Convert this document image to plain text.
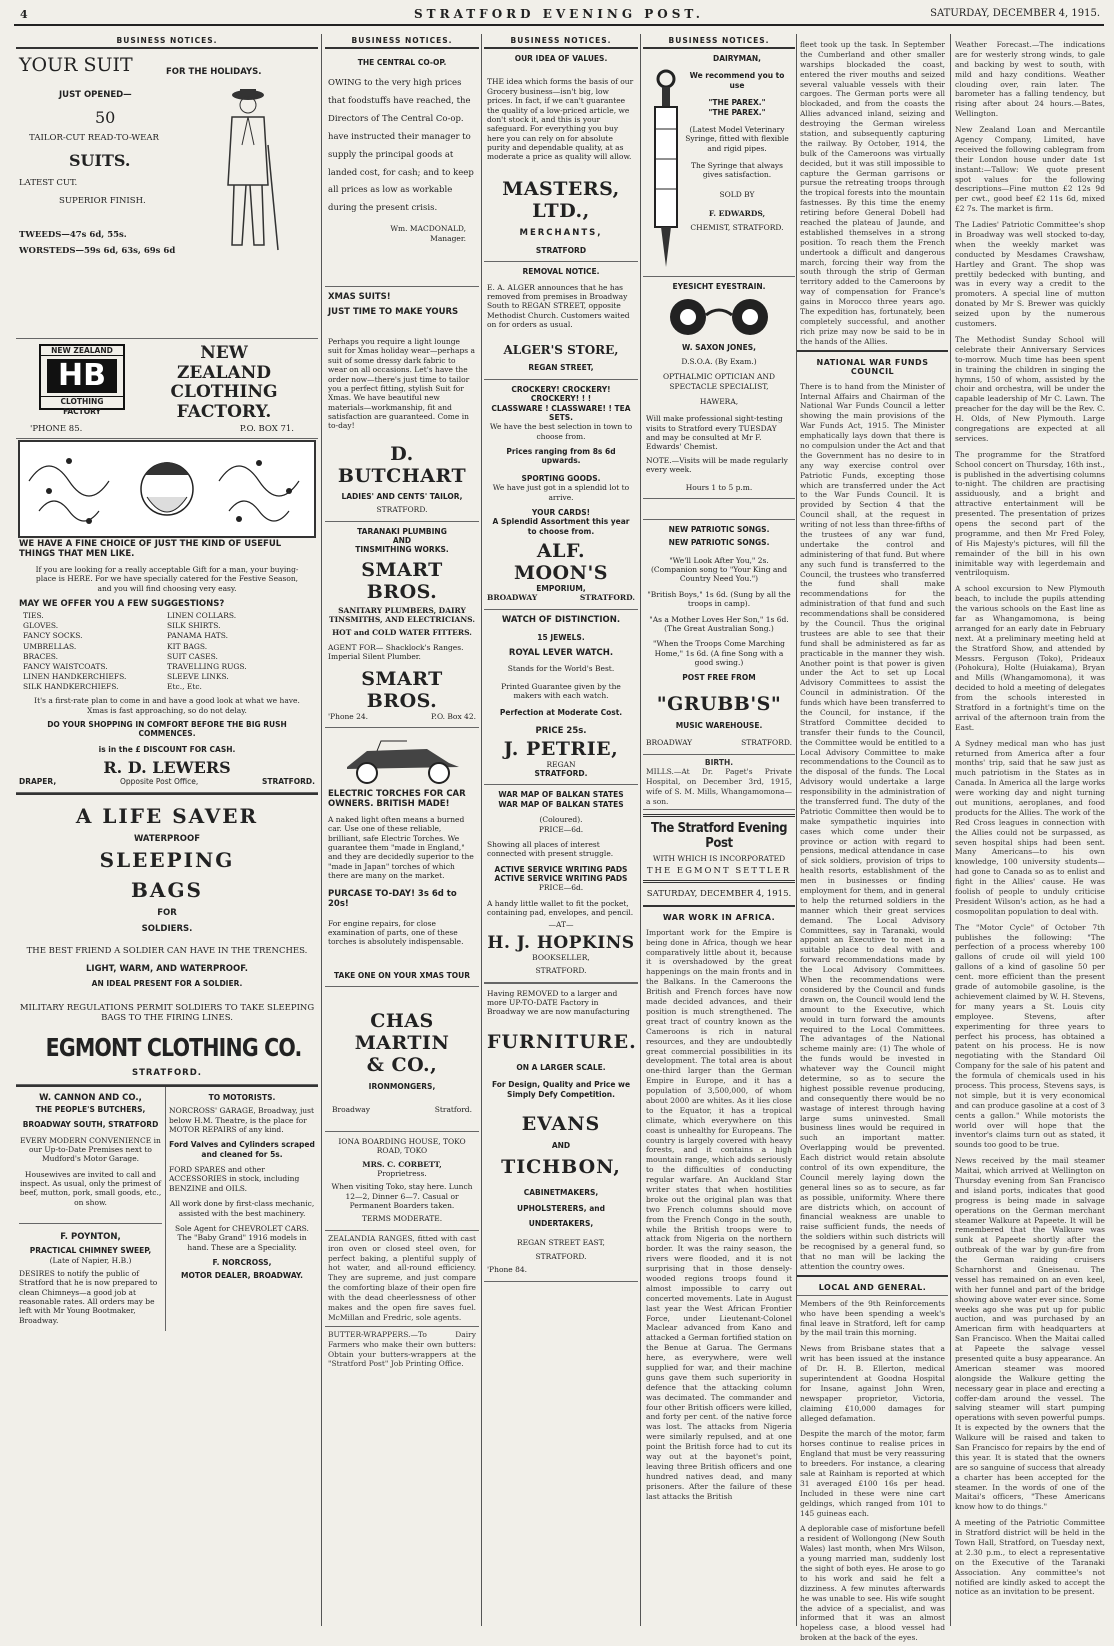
4	STRATFORD EVENING POST.	SATURDAY, DECEMBER 4, 1915.
BUSINESS NOTICES.
YOUR SUIT	FOR THE HOLIDAYS.
JUST OPENED—
50
TAILOR-CUT READ-TO-WEAR
SUITS.
LATEST CUT.
SUPERIOR FINISH.
TWEEDS—47s 6d, 55s.
WORSTEDS—59s 6d, 63s, 69s 6d
NEW ZEALAND
HB
CLOTHING FACTORY
NEW
ZEALAND
CLOTHING
FACTORY.
'PHONE 85.	P.O. BOX 71.
WE HAVE A FINE CHOICE OF JUST THE KIND OF USEFUL THINGS THAT MEN LIKE.
If you are looking for a really acceptable Gift for a man, your buying-place is HERE. For we have specially catered for the Festive Season, and you will find choosing very easy.
MAY WE OFFER YOU A FEW SUGGESTIONS?
TIES.
GLOVES.
FANCY SOCKS.
UMBRELLAS.
BRACES.
FANCY WAISTCOATS.
LINEN HANDKERCHIEFS.
SILK HANDKERCHIEFS.
LINEN COLLARS.
SILK SHIRTS.
PANAMA HATS.
KIT BAGS.
SUIT CASES.
TRAVELLING RUGS.
SLEEVE LINKS.
Etc., Etc.
It's a first-rate plan to come in and have a good look at what we have. Xmas is fast approaching, so do not delay.
DO YOUR SHOPPING IN COMFORT BEFORE THE BIG RUSH COMMENCES.
is in the £ DISCOUNT FOR CASH.
R. D. LEWERS
DRAPER,	Opposite Post Office,	STRATFORD.
A LIFE SAVER
WATERPROOF
SLEEPING
BAGS
FOR
SOLDIERS.
THE BEST FRIEND A SOLDIER CAN HAVE IN THE TRENCHES.
LIGHT, WARM, AND WATERPROOF.
AN IDEAL PRESENT FOR A SOLDIER.
MILITARY REGULATIONS PERMIT SOLDIERS TO TAKE SLEEPING BAGS TO THE FIRING LINES.
EGMONT CLOTHING CO.
STRATFORD.
W. CANNON AND CO.,
THE PEOPLE'S BUTCHERS,
BROADWAY SOUTH, STRATFORD
EVERY MODERN CONVENIENCE in our Up-to-Date Premises next to Mudford's Motor Garage.
Housewives are invited to call and inspect. As usual, only the primest of beef, mutton, pork, small goods, etc., on show.
F. POYNTON,
PRACTICAL CHIMNEY SWEEP,
(Late of Napier, H.B.)
DESIRES to notify the public of Stratford that he is now prepared to clean Chimneys—a good job at reasonable rates. All orders may be left with Mr Young Bootmaker, Broadway.
TO MOTORISTS.
NORCROSS' GARAGE, Broadway, just below H.M. Theatre, is the place for MOTOR REPAIRS of any kind.
Ford Valves and Cylinders scraped and cleaned for 5s.
FORD SPARES and other ACCESSORIES in stock, including BENZINE and OILS.
All work done by first-class mechanic, assisted with the best machinery.
Sole Agent for CHEVROLET CARS. The "Baby Grand" 1916 models in hand. These are a Speciality.
F. NORCROSS,
MOTOR DEALER, BROADWAY.
BUSINESS NOTICES.
THE CENTRAL CO-OP.
OWING to the very high prices that foodstuffs have reached, the Directors of The Central Co-op. have instructed their manager to supply the principal goods at landed cost, for cash; and to keep all prices as low as workable during the present crisis.
Wm. MACDONALD,
Manager.
XMAS SUITS!
JUST TIME TO MAKE YOURS
Perhaps you require a light lounge suit for Xmas holiday wear—perhaps a suit of some dressy dark fabric to wear on all occasions. Let's have the order now—there's just time to tailor you a perfect fitting, stylish Suit for Xmas. We have beautiful new materials—workmanship, fit and satisfaction are guaranteed. Come in to-day!
D. BUTCHART
LADIES' AND CENTS' TAILOR,
STRATFORD.
TARANAKI PLUMBING
AND
TINSMITHING WORKS.
SMART BROS.
SANITARY PLUMBERS, DAIRY TINSMITHS, AND ELECTRICIANS.
HOT and COLD WATER FITTERS.
AGENT FOR— Shacklock's Ranges. Imperial Silent Plumber.
SMART BROS.
'Phone 24.	P.O. Box 42.
ELECTRIC TORCHES FOR CAR OWNERS. BRITISH MADE!
A naked light often means a burned car. Use one of these reliable, brilliant, safe Electric Torches. We guarantee them "made in England," and they are decidedly superior to the "made in Japan" torches of which there are many on the market.
PURCASE TO-DAY! 3s 6d to 20s!
For engine repairs, for close examination of parts, one of these torches is absolutely indispensable.
TAKE ONE ON YOUR XMAS TOUR
CHAS MARTIN
& CO.,
IRONMONGERS,
Broadway	Stratford.
IONA BOARDING HOUSE, TOKO ROAD, TOKO
MRS. C. CORBETT,
Proprietress.
When visiting Toko, stay here. Lunch 12—2, Dinner 6—7. Casual or Permanent Boarders taken.
TERMS MODERATE.
ZEALANDIA RANGES, fitted with cast iron oven or closed steel oven, for perfect baking, a plentiful supply of hot water, and all-round efficiency. They are supreme, and just compare the comforting blaze of their open fire with the dead cheerlessness of other makes and the open fire saves fuel. McMillan and Fredric, sole agents.
BUTTER-WRAPPERS.—To Dairy Farmers who make their own butters: Obtain your butters-wrappers at the "Stratford Post" Job Printing Office.
BUSINESS NOTICES.
OUR IDEA OF VALUES.
THE idea which forms the basis of our Grocery business—isn't big, low prices. In fact, if we can't guarantee the quality of a low-priced article, we don't stock it, and this is your safeguard. For everything you buy here you can rely on for absolute purity and dependable quality, at as moderate a price as quality will allow.
MASTERS,
LTD.,
MERCHANTS,
STRATFORD
REMOVAL NOTICE.
E. A. ALGER announces that he has removed from premises in Broadway South to REGAN STREET, opposite Methodist Church. Customers waited on for orders as usual.
ALGER'S STORE,
REGAN STREET,
CROCKERY! CROCKERY! CROCKERY! ! !
CLASSWARE ! CLASSWARE! ! TEA SETS.
We have the best selection in town to choose from.
Prices ranging from 8s 6d upwards.
SPORTING GOODS.
We have just got in a splendid lot to arrive.
YOUR CARDS!
A Splendid Assortment this year to choose from.
ALF. MOON'S
EMPORIUM,
BROADWAY	STRATFORD.
WATCH OF DISTINCTION.
15 JEWELS.
ROYAL LEVER WATCH.
Stands for the World's Best.
Printed Guarantee given by the makers with each watch.
Perfection at Moderate Cost.
PRICE 25s.
J. PETRIE,
REGAN
STRATFORD.
WAR MAP OF BALKAN STATES
WAR MAP OF BALKAN STATES
(Coloured).
PRICE—6d.
Showing all places of interest connected with present struggle.
ACTIVE SERVICE WRITING PADS
ACTIVE SERVICE WRITING PADS
PRICE—6d.
A handy little wallet to fit the pocket, containing pad, envelopes, and pencil.
—AT—
H. J. HOPKINS
BOOKSELLER,
STRATFORD.
Having REMOVED to a larger and more UP-TO-DATE Factory in Broadway we are now manufacturing
FURNITURE.
ON A LARGER SCALE.
For Design, Quality and Price we Simply Defy Competition.
EVANS
AND
TICHBON,
CABINETMAKERS,
UPHOLSTERERS, and
UNDERTAKERS,
REGAN STREET EAST,
STRATFORD.
'Phone 84.
BUSINESS NOTICES.
DAIRYMAN,
We recommend you to use
"THE PAREX."
"THE PAREX."
(Latest Model Veterinary Syringe, fitted with flexible and rigid pipes.
The Syringe that always gives satisfaction.
SOLD BY
F. EDWARDS,
CHEMIST, STRATFORD.
EYESICHT EYESTRAIN.
W. SAXON JONES,
D.S.O.A. (By Exam.)
OPTHALMIC OPTICIAN AND SPECTACLE SPECIALIST,
HAWERA,
Will make professional sight-testing visits to Stratford every TUESDAY and may be consulted at Mr F. Edwards' Chemist.
NOTE.—Visits will be made regularly every week.
Hours 1 to 5 p.m.
NEW PATRIOTIC SONGS.
NEW PATRIOTIC SONGS.
"We'll Look After You," 2s. (Companion song to "Your King and Country Need You.")
"British Boys," 1s 6d. (Sung by all the troops in camp).
"As a Mother Loves Her Son," 1s 6d. (The Great Australian Song.)
"When the Troops Come Marching Home," 1s 6d. (A fine Song with a good swing.)
POST FREE FROM
"GRUBB'S"
MUSIC WAREHOUSE.
BROADWAY	STRATFORD.
BIRTH.
MILLS.—At Dr. Paget's Private Hospital, on December 3rd, 1915, wife of S. M. Mills, Whangamomona—a son.
The Stratford Evening Post
WITH WHICH IS INCORPORATED
THE EGMONT SETTLER
SATURDAY, DECEMBER 4, 1915.
WAR WORK IN AFRICA.
Important work for the Empire is being done in Africa, though we hear comparatively little about it, because it is overshadowed by the great happenings on the main fronts and in the Balkans. In the Cameroons the British and French forces have now made decided advances, and their position is much strengthened. The great tract of country known as the Cameroons is rich in natural resources, and they are undoubtedly great commercial possibilities in its development. The total area is about one-third larger than the German Empire in Europe, and it has a population of 3,500,000, of whom about 2000 are whites. As it lies close to the Equator, it has a tropical climate, which everywhere on this coast is unhealthy for Europeans. The country is largely covered with heavy forests, and it contains a high mountain range, which adds seriously to the difficulties of conducting regular warfare. An Auckland Star writer states that when hostilities broke out the original plan was that two French columns should move from the French Congo in the south, while the British troops were to attack from Nigeria on the northern border. It was the rainy season, the rivers were flooded, and it is not surprising that in those densely-wooded regions troops found it almost impossible to carry out concerted movements. Late in August last year the West African Frontier Force, under Lieutenant-Colonel Maclear advanced from Kano and attacked a German fortified station on the Benue at Garua. The Germans here, as everywhere, were well supplied for war, and their machine guns gave them such superiority in defence that the attacking column was decimated. The commander and four other British officers were killed, and forty per cent. of the native force was lost. The attacks from Nigeria were similarly repulsed, and at one point the British force had to cut its way out at the bayonet's point, leaving three British officers and one hundred natives dead, and many prisoners. After the failure of these last attacks the British
fleet took up the task. In September the Cumberland and other smaller warships blockaded the coast, entered the river mouths and seized several valuable vessels with their cargoes. The German ports were all blockaded, and from the coasts the Allies advanced inland, seizing and destroying the German wireless station, and subsequently capturing the railway. By October, 1914, the bulk of the Cameroons was virtually decided, but it was still impossible to capture the German garrisons or pursue the retreating troops through the tropical forests into the mountain fastnesses. By this time the enemy retiring before General Dobell had reached the plateau of Jaunde, and established themselves in a strong position. To reach them the French undertook a difficult and dangerous march, forcing their way from the south through the strip of German territory added to the Cameroons by way of compensation for France's gains in Morocco three years ago. The expedition has, fortunately, been completely successful, and another rich prize may now be said to be in the hands of the Allies.
NATIONAL WAR FUNDS COUNCIL
There is to hand from the Minister of Internal Affairs and Chairman of the National War Funds Council a letter showing the main provisions of the War Funds Act, 1915. The Minister emphatically lays down that there is no compulsion under the Act and that the Government has no desire to in any way exercise control over Patriotic Funds, excepting those which are transferred under the Act to the War Funds Council. It is provided by Section 4 that the Council shall, at the request in writing of not less than three-fifths of the trustees of any war fund, undertake the control and administering of that fund. But where any such fund is transferred to the Council, the trustees who transferred the fund shall make recommendations for the administration of that fund and such recommendations shall be considered by the Council. Thus the original trustees are able to see that their fund shall be administered as far as practicable in the manner they wish. Another point is that power is given under the Act to set up Local Advisory Committees to assist the Council in administration. Of the funds which have been transferred to the Council, for instance, if the Stratford Committee decided to transfer their funds to the Council, the Committee would be entitled to a Local Advisory Committee to make recommendations to the Council as to the disposal of the funds. The Local Advisory would undertake a large responsibility in the administration of the transferred fund. The duty of the Patriotic Committee then would be to make sympathetic inquiries into cases which come under their province or action with regard to pensions, medical attendance in case of sick soldiers, provision of trips to health resorts, establishment of the men in businesses or finding employment for them, and in general to help the returned soldiers in the manner which their great services demand. The Local Advisory Committees, say in Taranaki, would appoint an Executive to meet in a suitable place to deal with and forward recommendations made by the Local Advisory Committees. When the recommendations were considered by the Council and funds drawn on, the Council would lend the amount to the Executive, which would in turn forward the amounts required to the Local Committees. The advantages of the National scheme mainly are: (1) The whole of the funds would be invested in whatever way the Council might determine, so as to secure the highest possible revenue producing, and consequently there would be no wastage of interest through having large sums uninvested. Small business lines would be required in such an important matter. Overlapping would be prevented. Each district would retain absolute control of its own expenditure, the Council merely laying down the general lines so as to secure, as far as possible, uniformity. Where there are districts which, on account of financial weakness are unable to raise sufficient funds, the needs of the soldiers within such districts will be recognised by a general fund, so that no man will be lacking the attention the country owes.
LOCAL AND GENERAL.
Members of the 9th Reinforcements who have been spending a week's final leave in Stratford, left for camp by the mail train this morning.
News from Brisbane states that a writ has been issued at the instance of Dr. H. B. Ellerton, medical superintendent at Goodna Hospital for Insane, against John Wren, newspaper proprietor, Victoria, claiming £10,000 damages for alleged defamation.
Despite the march of the motor, farm horses continue to realise prices in England that must be very reassuring to breeders. For instance, a clearing sale at Rainham is reported at which 31 averaged £100 16s per head. Included in these were nine cart geldings, which ranged from 101 to 145 guineas each.
A deplorable case of misfortune befell a resident of Wollongong (New South Wales) last month, when Mrs Wilson, a young married man, suddenly lost the sight of both eyes. He arose to go to his work and said he felt a dizziness. A few minutes afterwards he was unable to see. His wife sought the advice of a specialist, and was informed that it was an almost hopeless case, a blood vessel had broken at the back of the eyes.
Weather Forecast.—The indications are for westerly strong winds, to gale and backing by west to south, with mild and hazy conditions. Weather clouding over, rain later. The barometer has a falling tendency, but rising after about 24 hours.—Bates, Wellington.
New Zealand Loan and Mercantile Agency Company, Limited, have received the following cablegram from their London house under date 1st instant:—Tallow: We quote present spot values for the following descriptions—Fine mutton £2 12s 9d per cwt., good beef £2 11s 6d, mixed £2 7s. The market is firm.
The Ladies' Patriotic Committee's shop in Broadway was well stocked to-day, when the weekly market was conducted by Mesdames Crawshaw, Hartley and Grant. The shop was prettily bedecked with bunting, and was in every way a credit to the promoters. A special line of mutton donated by Mr S. Brewer was quickly seized upon by the numerous customers.
The Methodist Sunday School will celebrate their Anniversary Services to-morrow. Much time has been spent in training the children in singing the hymns, 150 of whom, assisted by the choir and orchestra, will be under the capable leadership of Mr C. Lawn. The preacher for the day will be the Rev. C. H. Olds, of New Plymouth. Large congregations are expected at all services.
The programme for the Stratford School concert on Thursday, 16th inst., is published in the advertising columns to-night. The children are practising assiduously, and a bright and attractive entertainment will be presented. The presentation of prizes opens the second part of the programme, and then Mr Fred Foley, of His Majesty's pictures, will fill the remainder of the bill in his own inimitable way with legerdemain and ventriloquism.
A school excursion to New Plymouth beach, to include the pupils attending the various schools on the East line as far as Whangamomona, is being arranged for an early date in February next. At a preliminary meeting held at the Stratford Show, and attended by Messrs. Ferguson (Toko), Prideaux (Pohokura), Holte (Huiakama), Bryan and Mills (Whangamomona), it was decided to hold a meeting of delegates from the schools interested in Stratford in a fortnight's time on the arrival of the afternoon train from the East.
A Sydney medical man who has just returned from America after a four months' trip, said that he saw just as much patriotism in the States as in Canada. In America all the large works were working day and night turning out munitions, aeroplanes, and food products for the Allies. The work of the Red Cross leagues in connection with the Allies could not be surpassed, as seven hospital ships had been sent. Many Americans—to his own knowledge, 100 university students—had gone to Canada so as to enlist and fight in the Allies' cause. He was foolish of people to unduly criticise President Wilson's action, as he had a cosmopolitan population to deal with.
The "Motor Cycle" of October 7th publishes the following: "The perfection of a process whereby 100 gallons of crude oil will yield 100 gallons of a kind of gasoline 50 per cent. more efficient than the present grade of automobile gasoline, is the achievement claimed by W. H. Stevens, for many years a St. Louis city employee. Stevens, after experimenting for three years to perfect his process, has obtained a patent on his process. He is now negotiating with the Standard Oil Company for the sale of his patent and the formula of chemicals used in his process. This process, Stevens says, is not simple, but it is very economical and can produce gasoline at a cost of 3 cents a gallon." While motorists the world over will hope that the inventor's claims turn out as stated, it sounds too good to be true.
News received by the mail steamer Maitai, which arrived at Wellington on Thursday evening from San Francisco and island ports, indicates that good progress is being made in salvage operations on the German merchant steamer Walkure at Papeete. It will be remembered that the Walkure was sunk at Papeete shortly after the outbreak of the war by gun-fire from the German raiding cruisers Scharnhorst and Gneisenau. The vessel has remained on an even keel, with her funnel and part of the bridge showing above water ever since. Some weeks ago she was put up for public auction, and was purchased by an American firm with headquarters at San Francisco. When the Maitai called at Papeete the salvage vessel presented quite a busy appearance. An American steamer was moored alongside the Walkure getting the necessary gear in place and erecting a coffer-dam around the vessel. The salving steamer will start pumping operations with seven powerful pumps. It is expected by the owners that the Walkure will be raised and taken to San Francisco for repairs by the end of this year. It is stated that the owners are so sanguine of success that already a charter has been accepted for the steamer. In the words of one of the Maitai's officers, "These Americans know how to do things."
A meeting of the Patriotic Committee in Stratford district will be held in the Town Hall, Stratford, on Tuesday next, at 2.30 p.m., to elect a representative on the Executive of the Taranaki Association. Any committee's not notified are kindly asked to accept the notice as an invitation to be present.
